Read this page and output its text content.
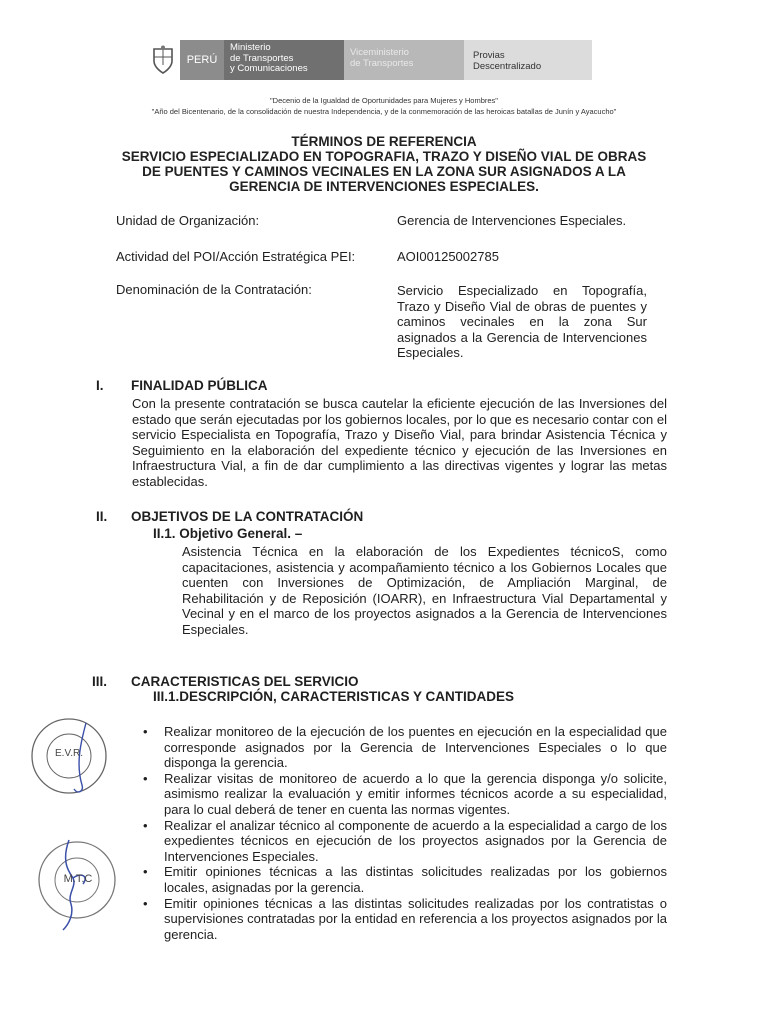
PERÚ
Ministerio
de Transportes
y Comunicaciones
Viceministerio
de Transportes
Provias
Descentralizado
"Decenio de la Igualdad de Oportunidades para Mujeres y Hombres"
"Año del Bicentenario, de la consolidación de nuestra Independencia, y de la conmemoración de las heroicas batallas de Junín y Ayacucho"
TÉRMINOS DE REFERENCIA
SERVICIO ESPECIALIZADO EN TOPOGRAFIA, TRAZO Y DISEÑO VIAL DE OBRAS
DE PUENTES Y CAMINOS VECINALES EN LA ZONA SUR ASIGNADOS A LA
GERENCIA DE INTERVENCIONES ESPECIALES.
Unidad de Organización:	Gerencia de Intervenciones Especiales.
Actividad del POI/Acción Estratégica PEI:	AOI00125002785
Denominación de la Contratación:	Servicio Especializado en Topografía, Trazo y Diseño Vial de obras de puentes y caminos vecinales en la zona Sur asignados a la Gerencia de Intervenciones Especiales.
I. FINALIDAD PÚBLICA
Con la presente contratación se busca cautelar la eficiente ejecución de las Inversiones del estado que serán ejecutadas por los gobiernos locales, por lo que es necesario contar con el servicio Especialista en Topografía, Trazo y Diseño Vial, para brindar Asistencia Técnica y Seguimiento en la elaboración del expediente técnico y ejecución de las Inversiones en Infraestructura Vial, a fin de dar cumplimiento a las directivas vigentes y lograr las metas establecidas.
II. OBJETIVOS DE LA CONTRATACIÓN
II.1. Objetivo General. –
Asistencia Técnica en la elaboración de los Expedientes técnicoS, como capacitaciones, asistencia y acompañamiento técnico a los Gobiernos Locales que cuenten con Inversiones de Optimización, de Ampliación Marginal, de Rehabilitación y de Reposición (IOARR), en Infraestructura Vial Departamental y Vecinal y en el marco de los proyectos asignados a la Gerencia de Intervenciones Especiales.
III. CARACTERISTICAS DEL SERVICIO
III.1.DESCRIPCIÓN, CARACTERISTICAS Y CANTIDADES
• Realizar monitoreo de la ejecución de los puentes en ejecución en la especialidad que corresponde asignados por la Gerencia de Intervenciones Especiales o lo que disponga la gerencia.
• Realizar visitas de monitoreo de acuerdo a lo que la gerencia disponga y/o solicite, asimismo realizar la evaluación y emitir informes técnicos acorde a su especialidad, para lo cual deberá de tener en cuenta las normas vigentes.
• Realizar el analizar técnico al componente de acuerdo a la especialidad a cargo de los expedientes técnicos en ejecución de los proyectos asignados por la Gerencia de Intervenciones Especiales.
• Emitir opiniones técnicas a las distintas solicitudes realizadas por los gobiernos locales, asignadas por la gerencia.
• Emitir opiniones técnicas a las distintas solicitudes realizadas por los contratistas o supervisiones contratadas por la entidad en referencia a los proyectos asignados por la gerencia.
E.V.R.
M.T.C
